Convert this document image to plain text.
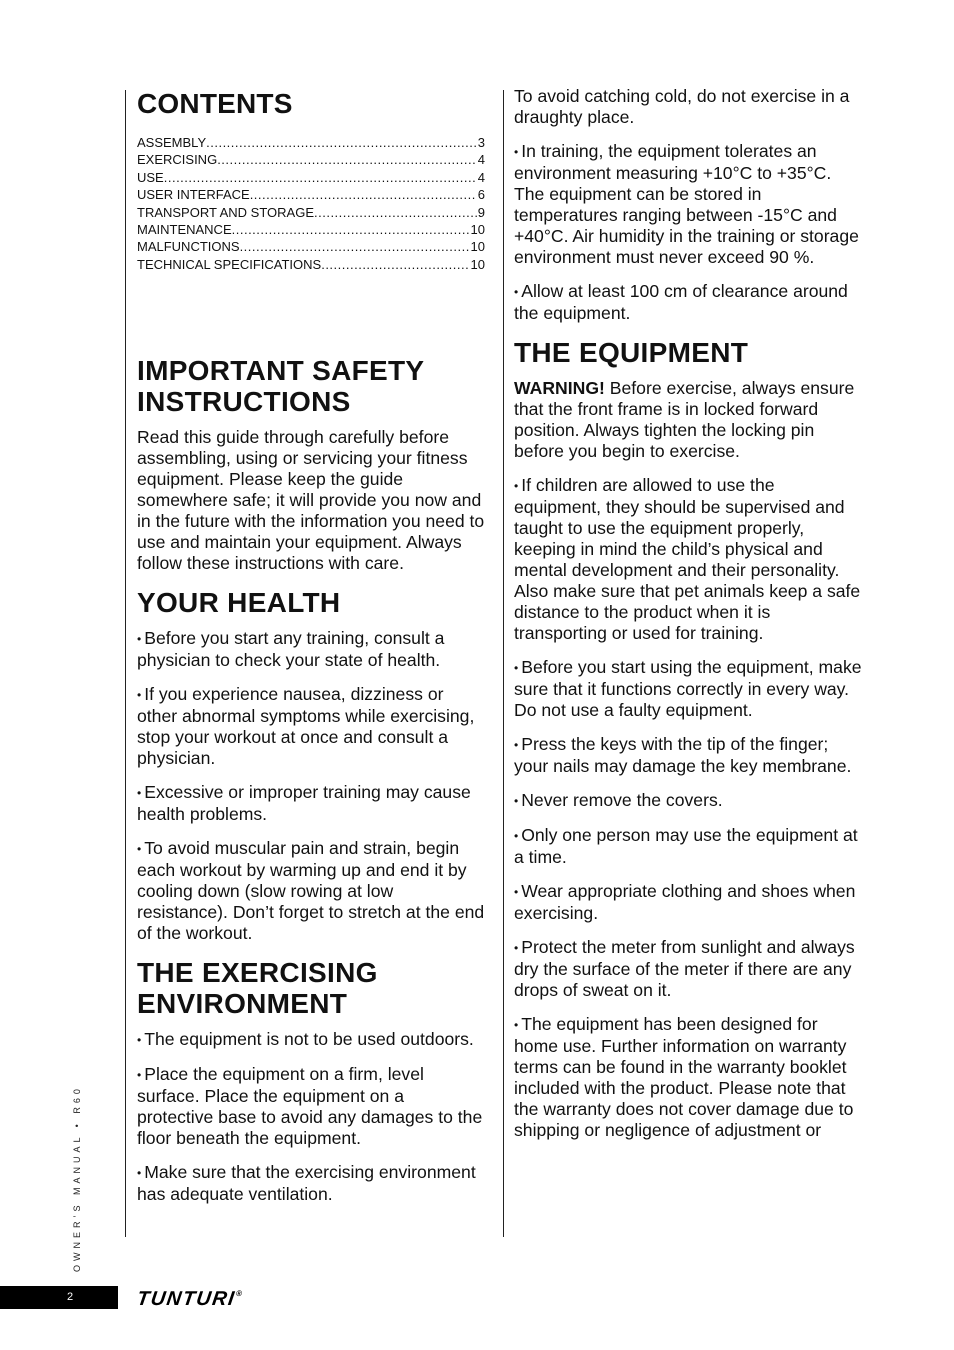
CONTENTS
ASSEMBLY .....	3
EXERCISING .....	4
USE .....	4
USER INTERFACE .....	6
TRANSPORT AND STORAGE .....	9
MAINTENANCE .....	10
MALFUNCTIONS .....	10
TECHNICAL SPECIFICATIONS .....	10
IMPORTANT SAFETY INSTRUCTIONS

Read this guide through carefully before assembling, using or servicing your fitness equipment. Please keep the guide somewhere safe; it will provide you now and in the future with the information you need to use and maintain your equipment. Always follow these instructions with care.

YOUR HEALTH

• Before you start any training, consult a physician to check your state of health.

• If you experience nausea, dizziness or other abnormal symptoms while exercising, stop your workout at once and consult a physician.

• Excessive or improper training may cause health problems.

• To avoid muscular pain and strain, begin each workout by warming up and end it by cooling down (slow rowing at low resistance). Don’t forget to stretch at the end of the workout.

THE EXERCISING ENVIRONMENT

• The equipment is not to be used outdoors.

• Place the equipment on a firm, level surface. Place the equipment on a protective base to avoid any damages to the floor beneath the equipment.

• Make sure that the exercising environment has adequate ventilation.

To avoid catching cold, do not exercise in a draughty place.

• In training, the equipment tolerates an environment measuring +10°C to +35°C. The equipment can be stored in temperatures ranging between -15°C and +40°C. Air humidity in the training or storage environment must never exceed 90 %.

• Allow at least 100 cm of clearance around the equipment.

THE EQUIPMENT

WARNING! Before exercise, always ensure that the front frame is in locked forward position. Always tighten the locking pin before you begin to exercise.

• If children are allowed to use the equipment, they should be supervised and taught to use the equipment properly, keeping in mind the child’s physical and mental development and their personality. Also make sure that pet animals keep a safe distance to the product when it is transporting or used for training.

• Before you start using the equipment, make sure that it functions correctly in every way. Do not use a faulty equipment.

• Press the keys with the tip of the finger; your nails may damage the key membrane.

• Never remove the covers.

• Only one person may use the equipment at a time.

• Wear appropriate clothing and shoes when exercising.

• Protect the meter from sunlight and always dry the surface of the meter if there are any drops of sweat on it.

• The equipment has been designed for home use. Further information on warranty terms can be found in the warranty booklet included with the product. Please note that the warranty does not cover damage due to shipping or negligence of adjustment or

OWNER’S MANUAL • R60
2	TUNTURI®
